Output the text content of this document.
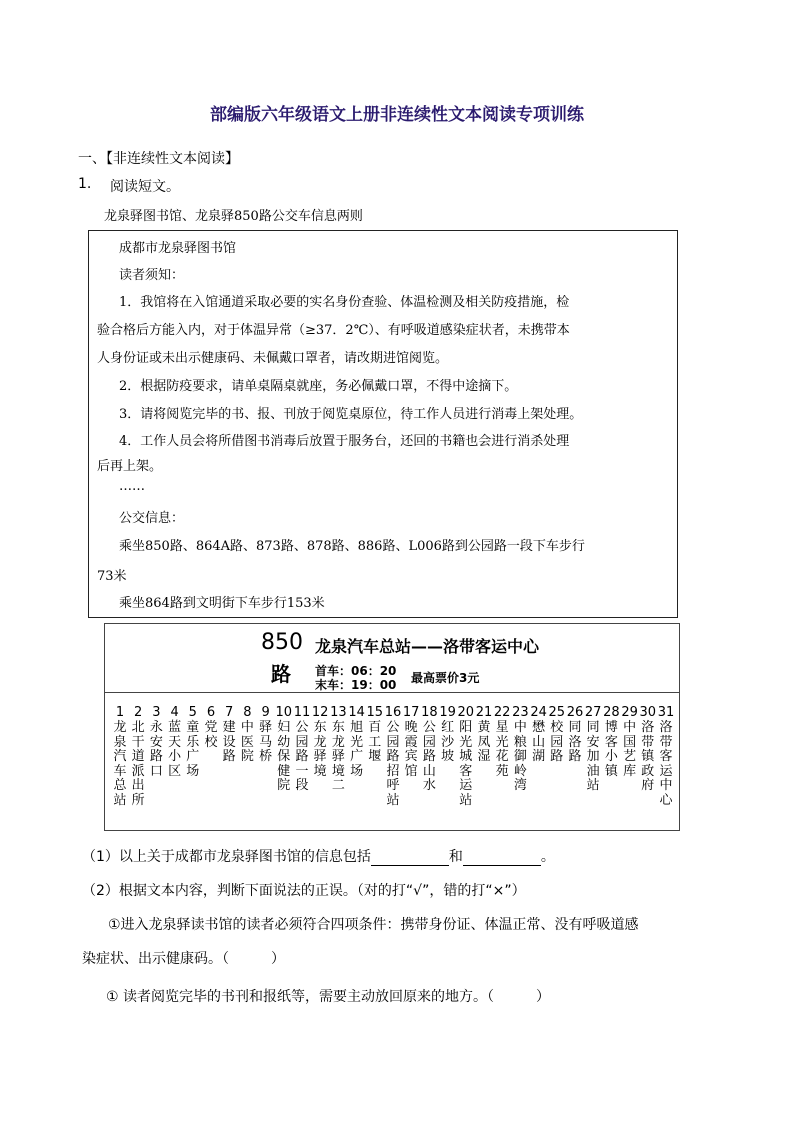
部编版六年级语文上册非连续性文本阅读专项训练
一、【非连续性文本阅读】
1. 阅读短文。
龙泉驿图书馆、龙泉驿850路公交车信息两则
成都市龙泉驿图书馆
读者须知：
1．我馆将在入馆通道采取必要的实名身份查验、体温检测及相关防疫措施，检
验合格后方能入内，对于体温异常（≥37．2℃）、有呼吸道感染症状者，未携带本
人身份证或未出示健康码、未佩戴口罩者，请改期进馆阅览。
2．根据防疫要求，请单桌隔桌就座，务必佩戴口罩，不得中途摘下。
3．请将阅览完毕的书、报、刊放于阅览桌原位，待工作人员进行消毒上架处理。
4．工作人员会将所借图书消毒后放置于服务台，还回的书籍也会进行消杀处理
后再上架。
……
公交信息：
乘坐850路、864A路、873路、878路、886路、L006路到公园路一段下车步行
73米
乘坐864路到文明街下车步行153米
850
路
龙泉汽车总站——洛带客运中心
首车：06：20
末车：19：00 最高票价3元
1
龙
泉
汽
车
总
站
2
北
干
道
派
出
所
3
永
安
路
口
4
蓝
天
小
区
5
童
乐
广
场
6
党
校
7
建
设
路
8
中
医
院
9
驿
马
桥
10
妇
幼
保
健
院
11
公
园
路
一
段
12
东
龙
驿
境
13
东
龙
驿
境
二
14
旭
光
广
场
15
百
工
堰
16
公
园
路
招
呼
站
17
晚
霞
宾
馆
18
公
园
路
山
水
19
红
沙
坡
20
阳
光
城
客
运
站
21
黄
凤
湿
22
星
光
花
苑
23
中
粮
御
岭
湾
24
懋
山
湖
25
校
园
路
26
同
洛
路
27
同
安
加
油
站
28
博
客
小
镇
29
中
国
艺
库
30
洛
带
镇
政
府
31
洛
带
客
运
中
心
（1）以上关于成都市龙泉驿图书馆的信息包括	和	。
（2）根据文本内容，判断下面说法的正误。（对的打“√”，错的打“×”）
①进入龙泉驿读书馆的读者必须符合四项条件：携带身份证、体温正常、没有呼吸道感
染症状、出示健康码。（　　　）
① 读者阅览完毕的书刊和报纸等，需要主动放回原来的地方。（　　　）
